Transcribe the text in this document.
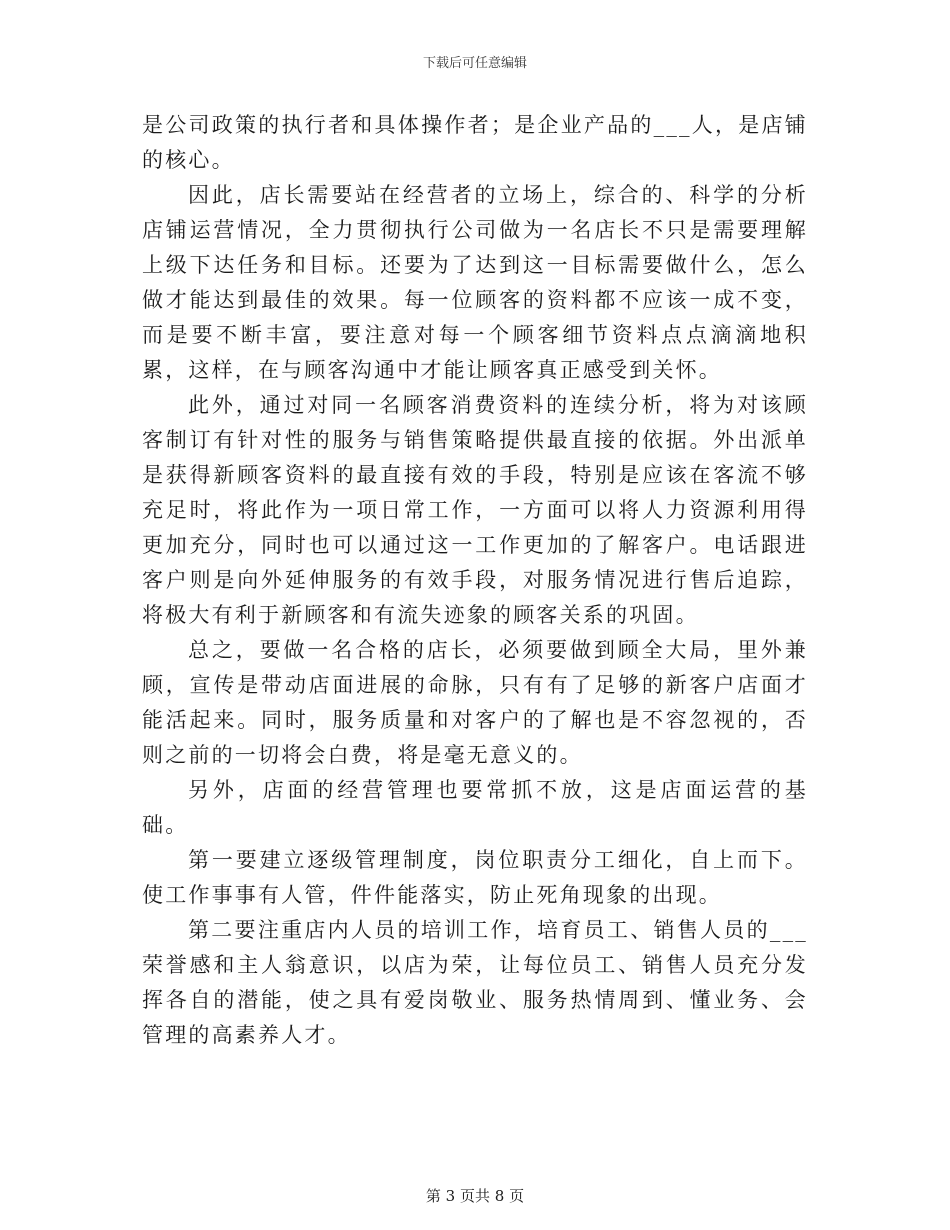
下载后可任意编辑

是公司政策的执行者和具体操作者；是企业产品的___人，是店铺的核心。

因此，店长需要站在经营者的立场上，综合的、科学的分析店铺运营情况，全力贯彻执行公司做为一名店长不只是需要理解上级下达任务和目标。还要为了达到这一目标需要做什么，怎么做才能达到最佳的效果。每一位顾客的资料都不应该一成不变，而是要不断丰富，要注意对每一个顾客细节资料点点滴滴地积累，这样，在与顾客沟通中才能让顾客真正感受到关怀。

此外，通过对同一名顾客消费资料的连续分析，将为对该顾客制订有针对性的服务与销售策略提供最直接的依据。外出派单是获得新顾客资料的最直接有效的手段，特别是应该在客流不够充足时，将此作为一项日常工作，一方面可以将人力资源利用得更加充分，同时也可以通过这一工作更加的了解客户。电话跟进客户则是向外延伸服务的有效手段，对服务情况进行售后追踪，将极大有利于新顾客和有流失迹象的顾客关系的巩固。

总之，要做一名合格的店长，必须要做到顾全大局，里外兼顾，宣传是带动店面进展的命脉，只有有了足够的新客户店面才能活起来。同时，服务质量和对客户的了解也是不容忽视的，否则之前的一切将会白费，将是毫无意义的。

另外，店面的经营管理也要常抓不放，这是店面运营的基础。

第一要建立逐级管理制度，岗位职责分工细化，自上而下。使工作事事有人管，件件能落实，防止死角现象的出现。

第二要注重店内人员的培训工作，培育员工、销售人员的___荣誉感和主人翁意识，以店为荣，让每位员工、销售人员充分发挥各自的潜能，使之具有爱岗敬业、服务热情周到、懂业务、会管理的高素养人才。

第 3 页共 8 页
